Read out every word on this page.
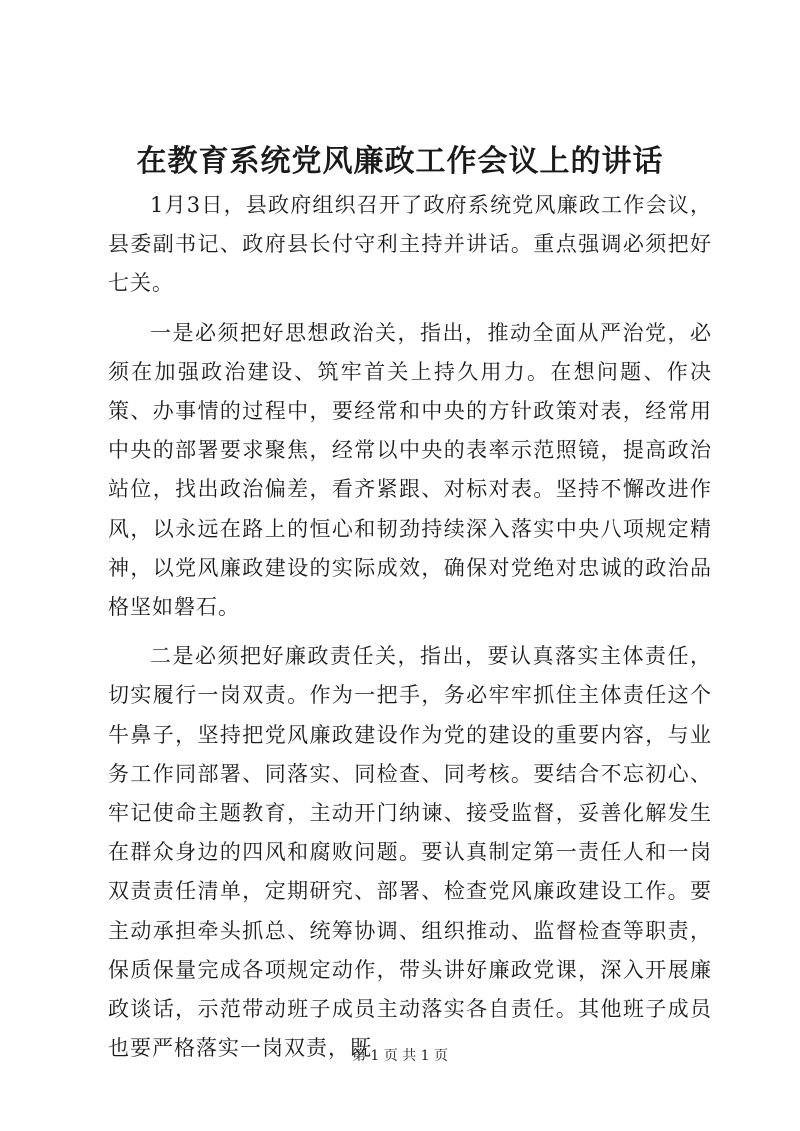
在教育系统党风廉政工作会议上的讲话

1月3日，县政府组织召开了政府系统党风廉政工作会议，县委副书记、政府县长付守利主持并讲话。重点强调必须把好七关。

一是必须把好思想政治关，指出，推动全面从严治党，必须在加强政治建设、筑牢首关上持久用力。在想问题、作决策、办事情的过程中，要经常和中央的方针政策对表，经常用中央的部署要求聚焦，经常以中央的表率示范照镜，提高政治站位，找出政治偏差，看齐紧跟、对标对表。坚持不懈改进作风，以永远在路上的恒心和韧劲持续深入落实中央八项规定精神，以党风廉政建设的实际成效，确保对党绝对忠诚的政治品格坚如磐石。

二是必须把好廉政责任关，指出，要认真落实主体责任，切实履行一岗双责。作为一把手，务必牢牢抓住主体责任这个牛鼻子，坚持把党风廉政建设作为党的建设的重要内容，与业务工作同部署、同落实、同检查、同考核。要结合不忘初心、牢记使命主题教育，主动开门纳谏、接受监督，妥善化解发生在群众身边的四风和腐败问题。要认真制定第一责任人和一岗双责责任清单，定期研究、部署、检查党风廉政建设工作。要主动承担牵头抓总、统筹协调、组织推动、监督检查等职责，保质保量完成各项规定动作，带头讲好廉政党课，深入开展廉政谈话，示范带动班子成员主动落实各自责任。其他班子成员也要严格落实一岗双责，既

第 1 页 共 1 页
